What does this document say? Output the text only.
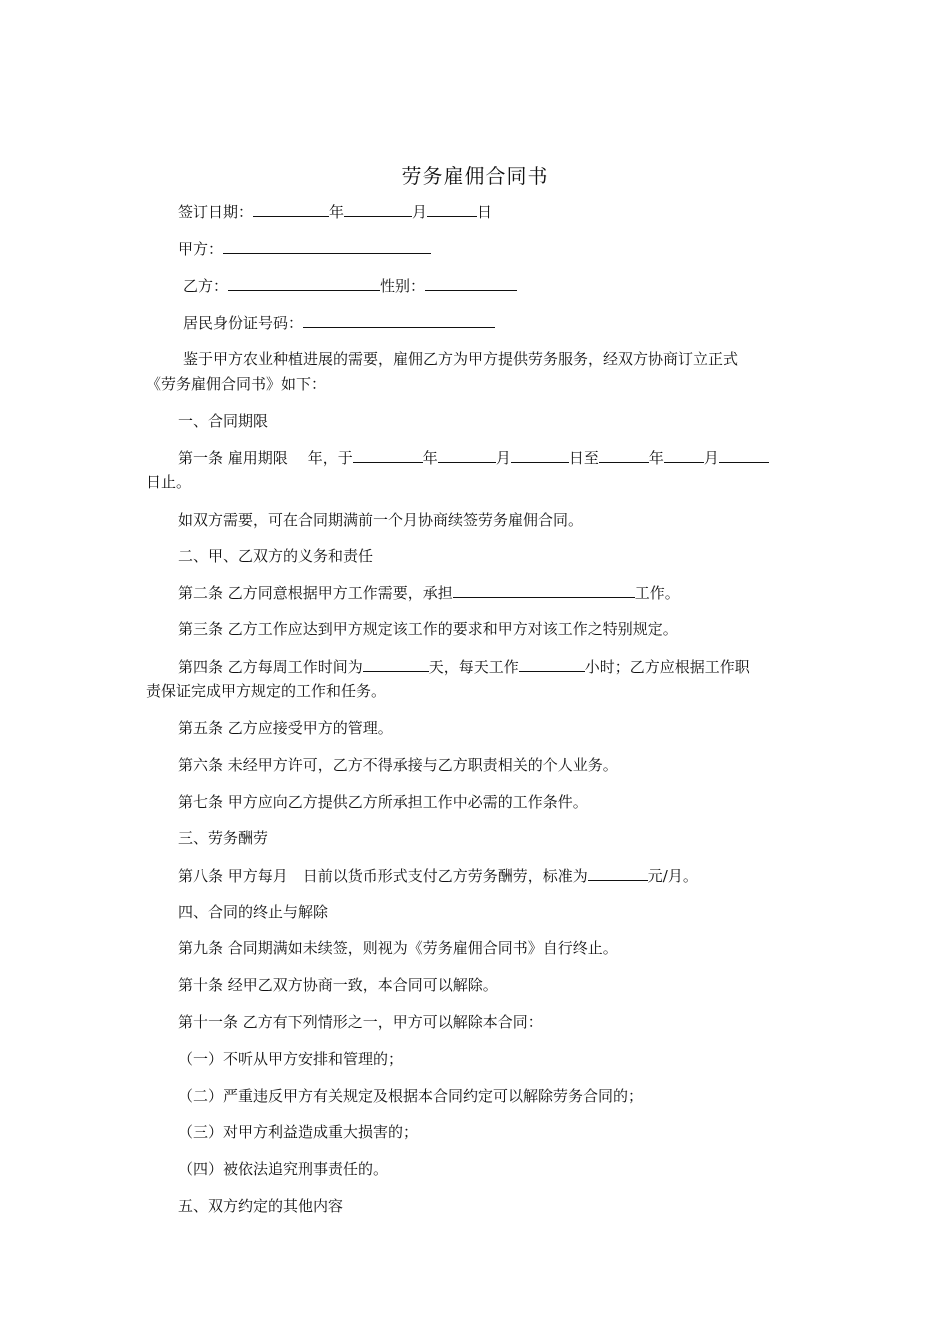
劳务雇佣合同书
签订日期：	年	月	日
甲方：
乙方：	性别：
居民身份证号码：
鉴于甲方农业种植进展的需要，雇佣乙方为甲方提供劳务服务，经双方协商订立正式
《劳务雇佣合同书》如下：
一、合同期限
第一条 雇用期限 年，于	年	月	日至	年	月
日止。
如双方需要，可在合同期满前一个月协商续签劳务雇佣合同。
二、甲、乙双方的义务和责任
第二条 乙方同意根据甲方工作需要，承担	工作。
第三条 乙方工作应达到甲方规定该工作的要求和甲方对该工作之特别规定。
第四条 乙方每周工作时间为	天，每天工作	小时；乙方应根据工作职
责保证完成甲方规定的工作和任务。
第五条 乙方应接受甲方的管理。
第六条 未经甲方许可，乙方不得承接与乙方职责相关的个人业务。
第七条 甲方应向乙方提供乙方所承担工作中必需的工作条件。
三、劳务酬劳
第八条 甲方每月 日前以货币形式支付乙方劳务酬劳，标准为	元/月。
四、合同的终止与解除
第九条 合同期满如未续签，则视为《劳务雇佣合同书》自行终止。
第十条 经甲乙双方协商一致，本合同可以解除。
第十一条 乙方有下列情形之一，甲方可以解除本合同：
（一）不听从甲方安排和管理的；
（二）严重违反甲方有关规定及根据本合同约定可以解除劳务合同的；
（三）对甲方利益造成重大损害的；
（四）被依法追究刑事责任的。
五、双方约定的其他内容
